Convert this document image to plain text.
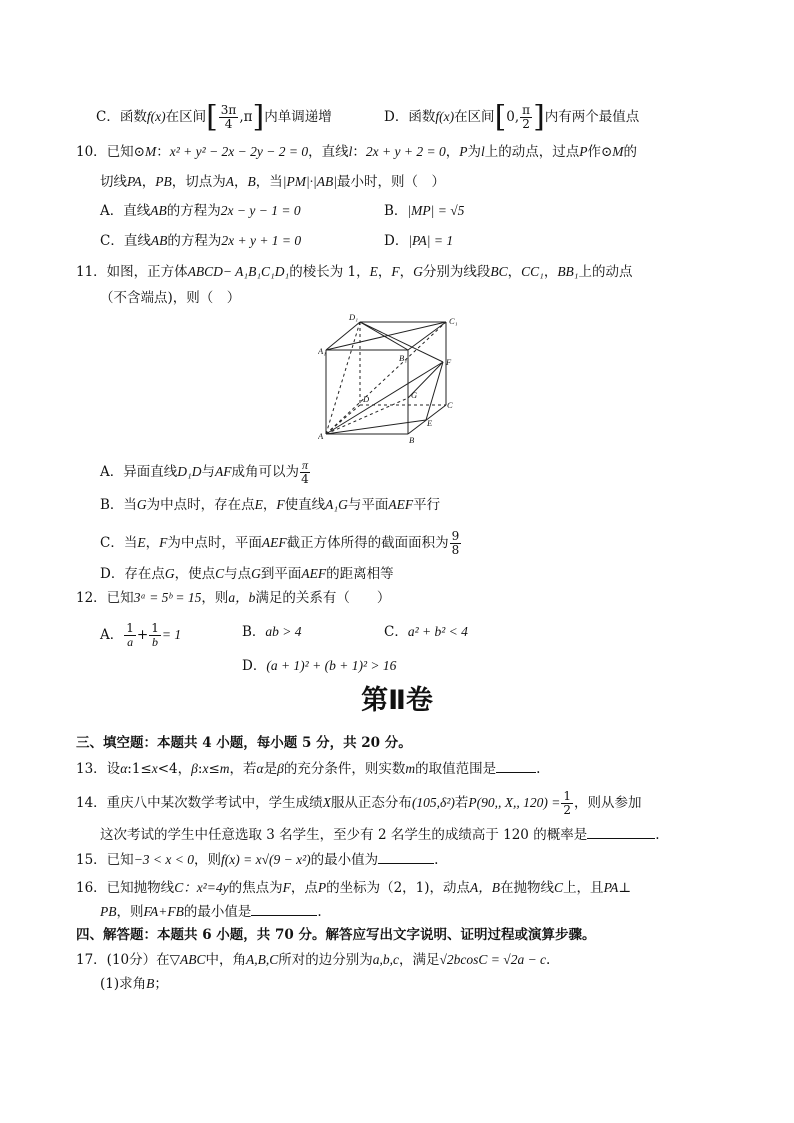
C．函数f(x)在区间[ $\frac{3\pi}{4} ,\pi$]内单调递增	D．函数f(x)在区间[0, $\frac{\pi}{2}$ ]内有两个最值点
10．已知⊙M：x² + y² − 2x − 2y − 2 = 0，直线l：2x + y + 2 = 0，P为l上的动点，过点P作⊙M的
切线PA，PB，切点为A，B，当|PM|·|AB|最小时，则（　）
A．直线AB的方程为2x − y − 1 = 0	B．|MP| = √5
C．直线AB的方程为2x + y + 1 = 0	D．|PA| = 1
11．如图，正方体ABCD− A₁B₁C₁D₁的棱长为 1，E，F，G分别为线段BC，CC₁，BB₁上的动点
（不含端点)，则（　）
D₁	C₁
A₁
B₁	F
G
D
C
E
A	B
A．异面直线D₁D与AF成角可以为 $\frac{\pi}{4}$
B．当G为中点时，存在点E，F使直线A₁G与平面AEF平行
C．当E，F为中点时，平面AEF截正方体所得的截面面积为 $\frac{9}{8}$
D．存在点G，使点C与点G到平面AEF的距离相等
12．已知3ᵃ = 5ᵇ = 15，则a，b满足的关系有（　　）
A． $\frac{1}{a} + \frac{1}{b} = 1$	B．ab > 4	C．a² + b² < 4
D．(a + 1)² + (b + 1)² > 16
第Ⅱ卷
三、填空题：本题共 4 小题，每小题 5 分，共 20 分。
13．设α:1≤x<4，β:x≤m，若α是β的充分条件，则实数m的取值范围是	.
14．重庆八中某次数学考试中，学生成绩X服从正态分布(105,δ²)若P(90,, X,, $120) = \frac{1}{2}$ ，则从参加
这次考试的学生中任意选取 3 名学生，至少有 2 名学生的成绩高于 120 的概率是	.
15．已知−3 < x < 0，则f(x) = x√(9 − x²)的最小值为	.
16．已知抛物线C：x²=4y的焦点为F，点P的坐标为（2，1)，动点A，B在抛物线C上，且PA⊥
PB，则FA+FB的最小值是	.
四、解答题：本题共 6 小题，共 70 分。解答应写出文字说明、证明过程或演算步骤。
17．(10分）在▽ABC中，角A,B,C所对的边分别为a,b,c，满足√2bcosC = √2a − c.
(1)求角B；
